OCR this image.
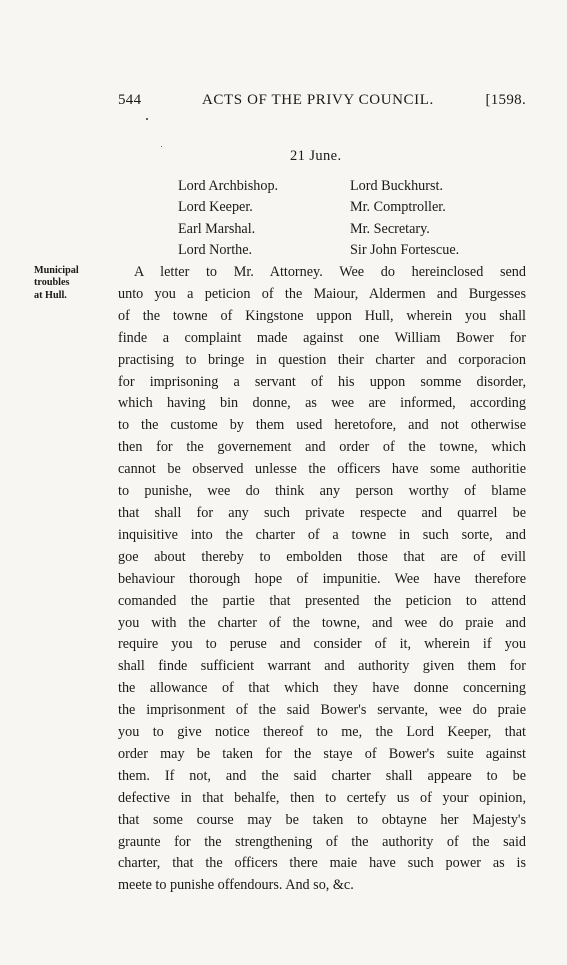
544	ACTS OF THE PRIVY COUNCIL.	[1598.
21 June.
Lord Archbishop.	Lord Buckhurst.
Lord Keeper.	Mr. Comptroller.
Earl Marshal.	Mr. Secretary.
Lord Northe.	Sir John Fortescue.
Municipal
troubles
at Hull.
A letter to Mr. Attorney. Wee do hereinclosed send
unto you a peticion of the Maiour, Aldermen and Burgesses
of the towne of Kingstone uppon Hull, wherein you shall
finde a complaint made against one William Bower for
practising to bringe in question their charter and corporacion
for imprisoning a servant of his uppon somme disorder,
which having bin donne, as wee are informed, according
to the custome by them used heretofore, and not otherwise
then for the governement and order of the towne, which
cannot be observed unlesse the officers have some authoritie
to punishe, wee do think any person worthy of blame
that shall for any such private respecte and quarrel be
inquisitive into the charter of a towne in such sorte, and
goe about thereby to embolden those that are of evill
behaviour thorough hope of impunitie. Wee have therefore
comanded the partie that presented the peticion to attend
you with the charter of the towne, and wee do praie and
require you to peruse and consider of it, wherein if you
shall finde sufficient warrant and authority given them for
the allowance of that which they have donne concerning
the imprisonment of the said Bower's servante, wee do praie
you to give notice thereof to me, the Lord Keeper, that
order may be taken for the staye of Bower's suite against
them. If not, and the said charter shall appeare to be
defective in that behalfe, then to certefy us of your opinion,
that some course may be taken to obtayne her Majesty's
graunte for the strengthening of the authority of the said
charter, that the officers there maie have such power as is
meete to punishe offendours. And so, &c.
